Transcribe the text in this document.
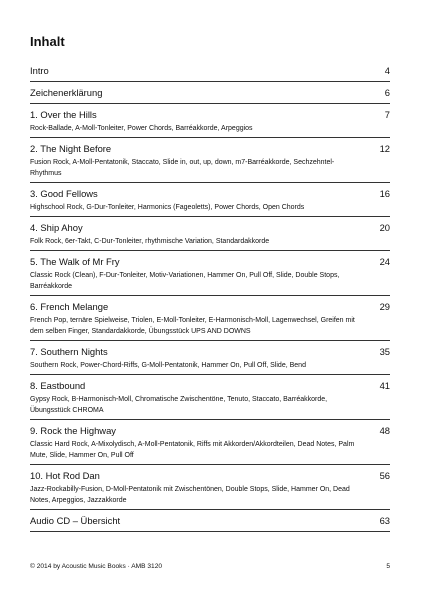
Inhalt
Intro	4
Zeichenerklärung	6
1. Over the Hills	7
Rock-Ballade, A-Moll-Tonleiter, Power Chords, Barréakkorde, Arpeggios
2. The Night Before	12
Fusion Rock, A-Moll-Pentatonik, Staccato, Slide in, out, up, down, m7-Barréakkorde, Sechzehntel-Rhythmus
3. Good Fellows	16
Highschool Rock, G-Dur-Tonleiter, Harmonics (Fageoletts), Power Chords, Open Chords
4. Ship Ahoy	20
Folk Rock, 6er-Takt, C-Dur-Tonleiter, rhythmische Variation, Standardakkorde
5. The Walk of Mr Fry	24
Classic Rock (Clean), F-Dur-Tonleiter, Motiv-Variationen, Hammer On, Pull Off, Slide, Double Stops, Barréakkorde
6. French Melange	29
French Pop, ternäre Spielweise, Triolen, E-Moll-Tonleiter, E-Harmonisch-Moll, Lagenwechsel, Greifen mit dem selben Finger, Standardakkorde, Übungsstück UPS AND DOWNS
7. Southern Nights	35
Southern Rock, Power-Chord-Riffs, G-Moll-Pentatonik, Hammer On, Pull Off, Slide, Bend
8. Eastbound	41
Gypsy Rock, B-Harmonisch-Moll, Chromatische Zwischentöne, Tenuto, Staccato, Barréakkorde, Übungsstück CHROMA
9. Rock the Highway	48
Classic Hard Rock, A-Mixolydisch, A-Moll-Pentatonik, Riffs mit Akkorden/Akkordteilen, Dead Notes, Palm Mute, Slide, Hammer On, Pull Off
10. Hot Rod Dan	56
Jazz-Rockabilly-Fusion, D-Moll-Pentatonik mit Zwischentönen, Double Stops, Slide, Hammer On, Dead Notes, Arpeggios, Jazzakkorde
Audio CD – Übersicht	63
© 2014 by Acoustic Music Books · AMB 3120	5
